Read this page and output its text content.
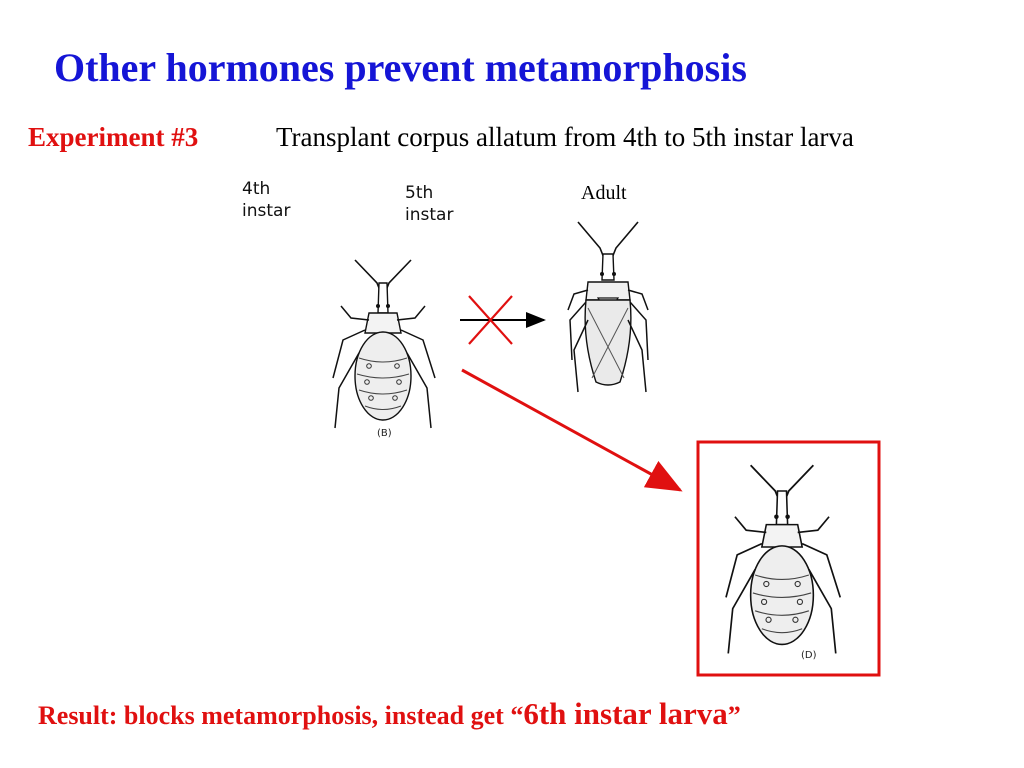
Other hormones prevent metamorphosis
Experiment #3	Transplant corpus allatum from 4th to 5th instar larva
4th
instar
5th
instar
Adult
(B)
(D)
Result: blocks metamorphosis, instead get “6th instar larva”
